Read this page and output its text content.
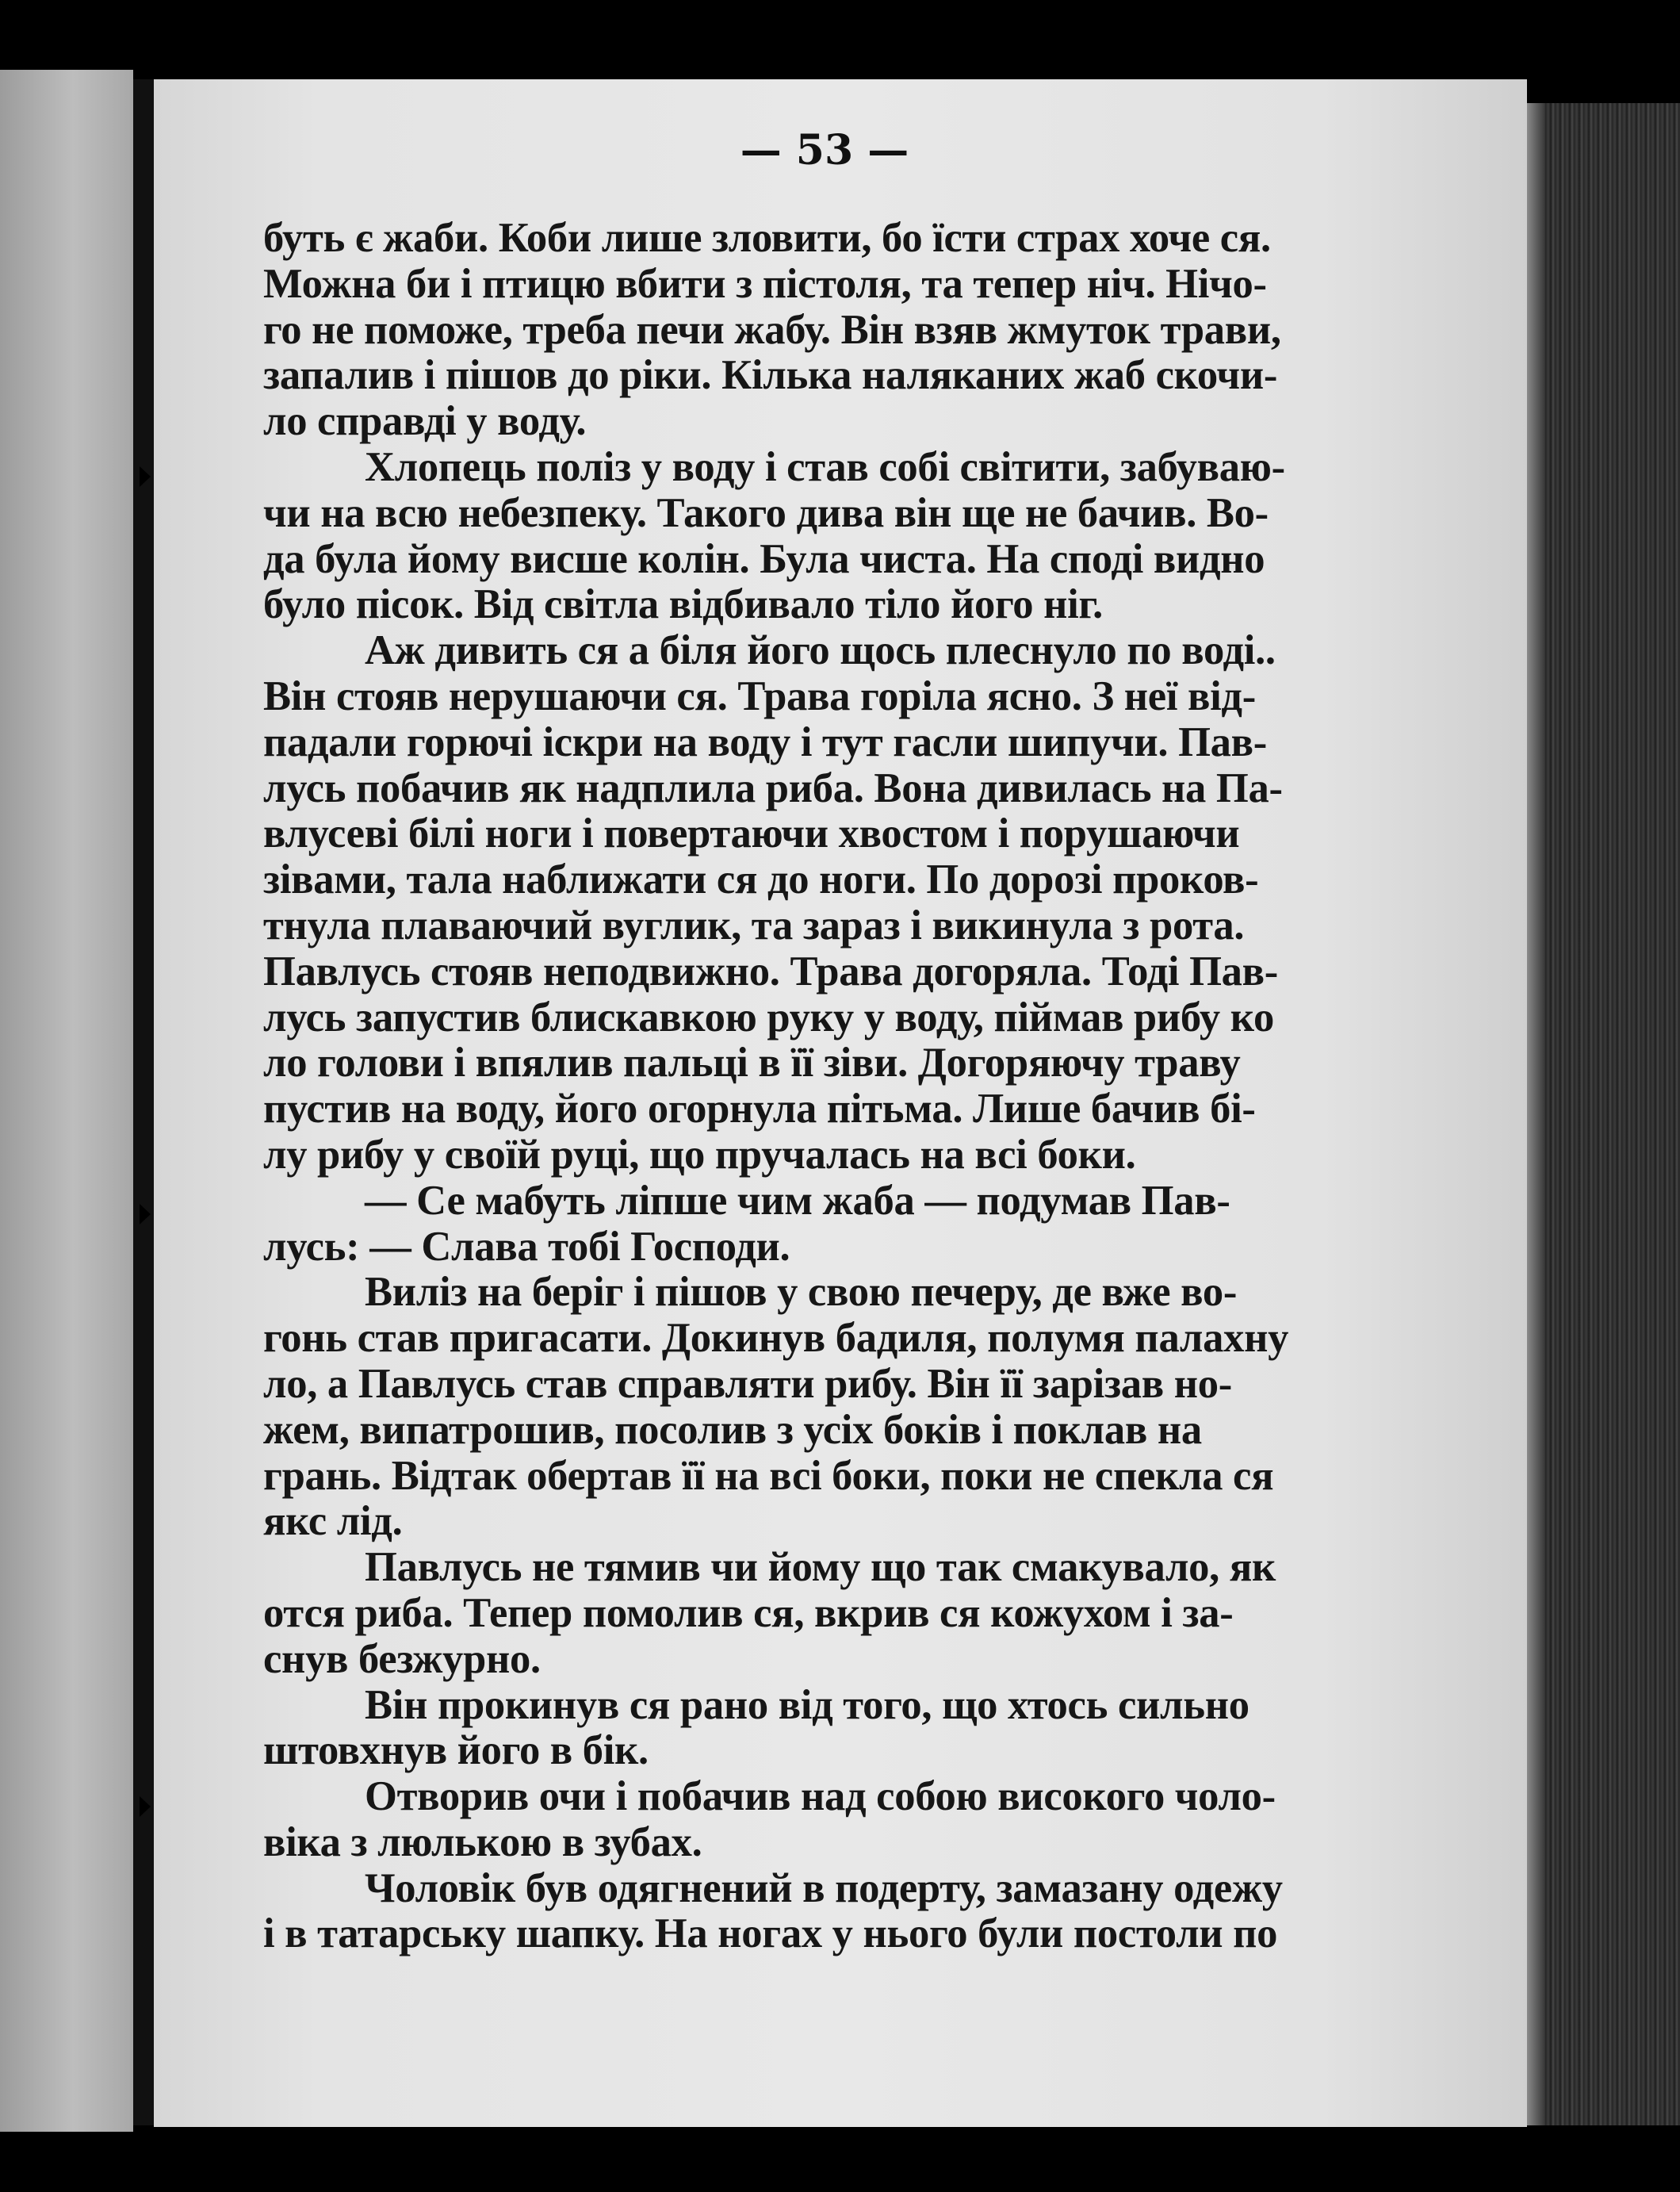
— 53 —
буть є жаби. Коби лише зловити, бо їсти страх хоче ся.
Можна би і птицю вбити з пістоля, та тепер ніч. Нічо-
го не поможе, треба печи жабу. Він взяв жмуток трави,
запалив і пішов до ріки. Кілька наляканих жаб скочи-
ло справді у воду.
Хлопець поліз у воду і став собі світити, забуваю-
чи на всю небезпеку. Такого дива він ще не бачив. Во-
да була йому висше колін. Була чиста. На споді видно
було пісок. Від світла відбивало тіло його ніг.
Аж дивить ся а біля його щось плеснуло по воді..
Він стояв нерушаючи ся. Трава горіла ясно. З неї від-
падали горючі іскри на воду і тут гасли шипучи. Пав-
лусь побачив як надплила риба. Вона дивилась на Па-
влусеві білі ноги і повертаючи хвостом і порушаючи
зівами, тала наближати ся до ноги. По дорозі проков-
тнула плаваючий вуглик, та зараз і викинула з рота.
Павлусь стояв неподвижно. Трава догоряла. Тоді Пав-
лусь запустив блискавкою руку у воду, піймав рибу ко
ло голови і впялив пальці в її зіви. Догоряючу траву
пустив на воду, його огорнула пітьма. Лише бачив бі-
лу рибу у своїй руці, що пручалась на всі боки.
— Се мабуть ліпше чим жаба — подумав Пав-
лусь: — Слава тобі Господи.
Виліз на беріг і пішов у свою печеру, де вже во-
гонь став пригасати. Докинув бадиля, полумя палахну
ло, а Павлусь став справляти рибу. Він її зарізав но-
жем, випатрошив, посолив з усіх боків і поклав на
грань. Відтак обертав її на всі боки, поки не спекла ся
якс лід.
Павлусь не тямив чи йому що так смакувало, як
отся риба. Тепер помолив ся, вкрив ся кожухом і за-
снув безжурно.
Він прокинув ся рано від того, що хтось сильно
штовхнув його в бік.
Отворив очи і побачив над собою високого чоло-
віка з люлькою в зубах.
Чоловік був одягнений в подерту, замазану одежу
і в татарську шапку. На ногах у нього були постоли по
